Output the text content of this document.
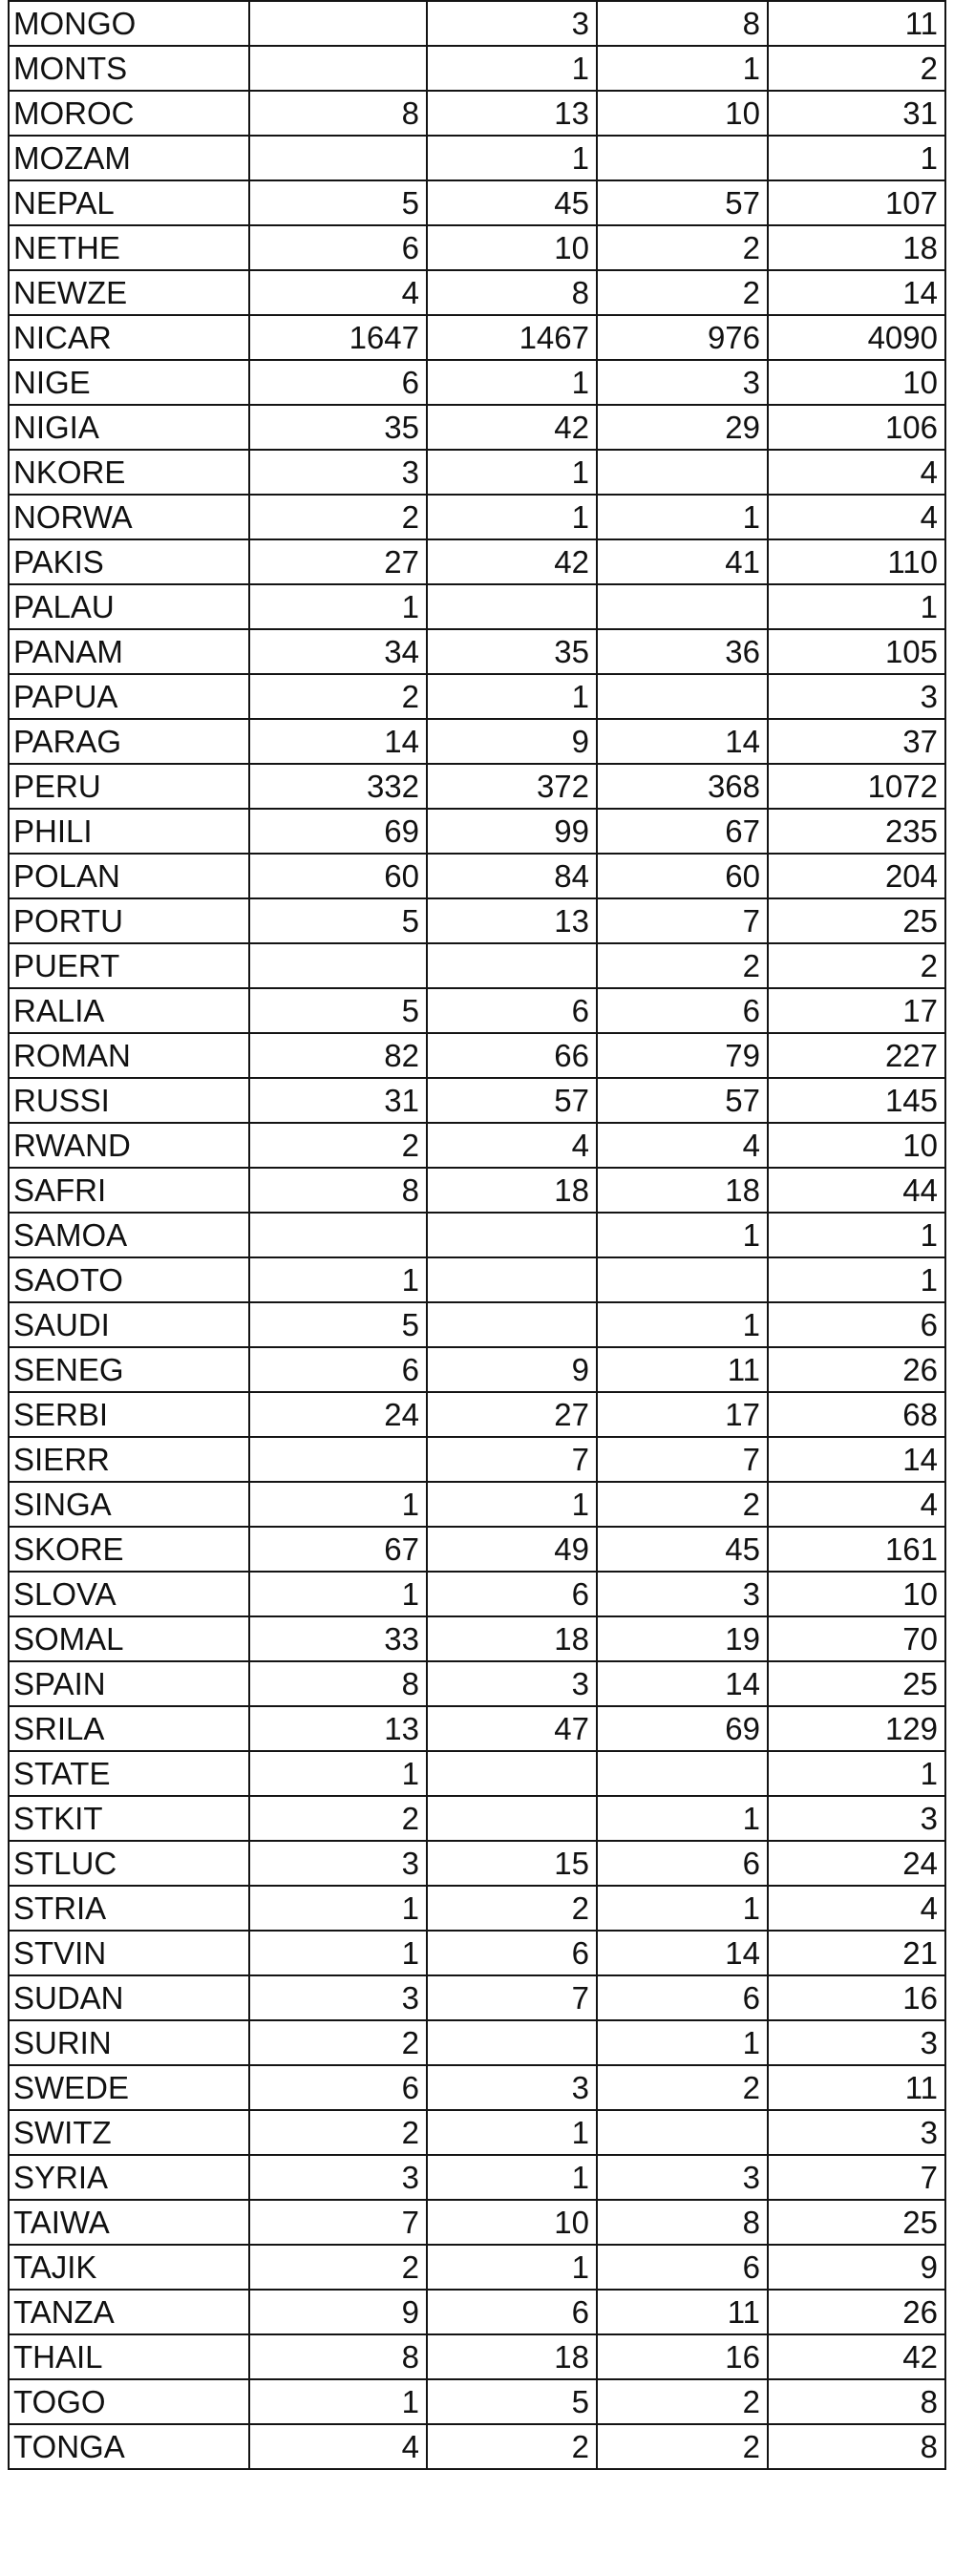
MONGO		3	8	11
MONTS		1	1	2
MOROC	8	13	10	31
MOZAM		1		1
NEPAL	5	45	57	107
NETHE	6	10	2	18
NEWZE	4	8	2	14
NICAR	1647	1467	976	4090
NIGE	6	1	3	10
NIGIA	35	42	29	106
NKORE	3	1		4
NORWA	2	1	1	4
PAKIS	27	42	41	110
PALAU	1			1
PANAM	34	35	36	105
PAPUA	2	1		3
PARAG	14	9	14	37
PERU	332	372	368	1072
PHILI	69	99	67	235
POLAN	60	84	60	204
PORTU	5	13	7	25
PUERT			2	2
RALIA	5	6	6	17
ROMAN	82	66	79	227
RUSSI	31	57	57	145
RWAND	2	4	4	10
SAFRI	8	18	18	44
SAMOA			1	1
SAOTO	1			1
SAUDI	5		1	6
SENEG	6	9	11	26
SERBI	24	27	17	68
SIERR		7	7	14
SINGA	1	1	2	4
SKORE	67	49	45	161
SLOVA	1	6	3	10
SOMAL	33	18	19	70
SPAIN	8	3	14	25
SRILA	13	47	69	129
STATE	1			1
STKIT	2		1	3
STLUC	3	15	6	24
STRIA	1	2	1	4
STVIN	1	6	14	21
SUDAN	3	7	6	16
SURIN	2		1	3
SWEDE	6	3	2	11
SWITZ	2	1		3
SYRIA	3	1	3	7
TAIWA	7	10	8	25
TAJIK	2	1	6	9
TANZA	9	6	11	26
THAIL	8	18	16	42
TOGO	1	5	2	8
TONGA	4	2	2	8
